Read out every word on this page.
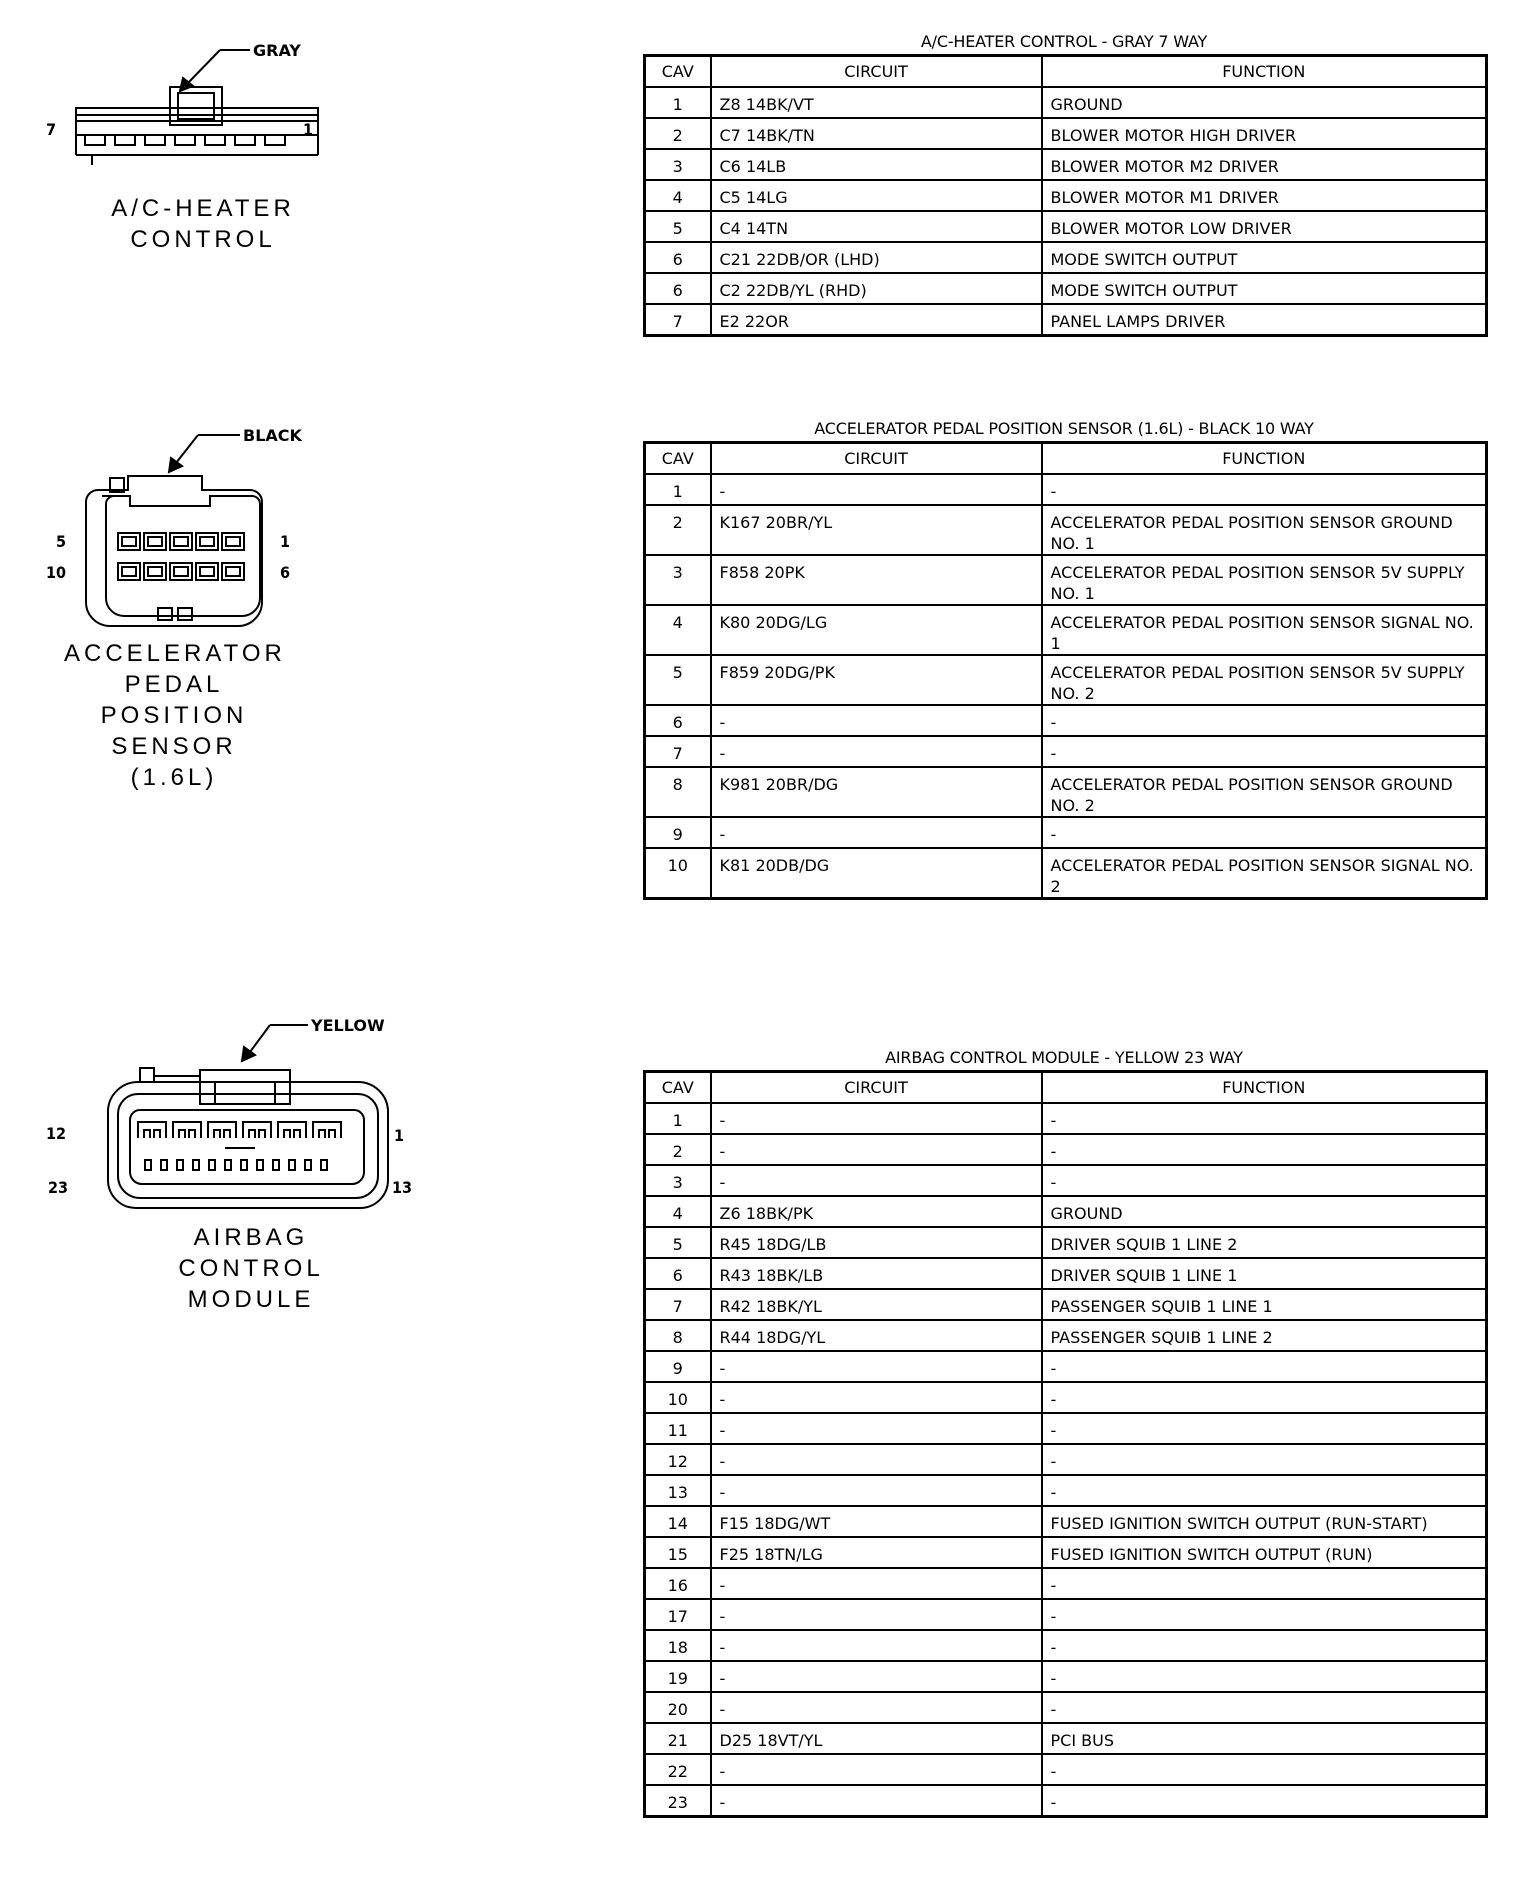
GRAY
7	1
A/C-HEATER
CONTROL
A/C-HEATER CONTROL - GRAY 7 WAY
CAV	CIRCUIT	FUNCTION
1	Z8 14BK/VT	GROUND
2	C7 14BK/TN	BLOWER MOTOR HIGH DRIVER
3	C6 14LB	BLOWER MOTOR M2 DRIVER
4	C5 14LG	BLOWER MOTOR M1 DRIVER
5	C4 14TN	BLOWER MOTOR LOW DRIVER
6	C21 22DB/OR (LHD)	MODE SWITCH OUTPUT
6	C2 22DB/YL (RHD)	MODE SWITCH OUTPUT
7	E2 22OR	PANEL LAMPS DRIVER
BLACK
5	1
10	6
ACCELERATOR
PEDAL
POSITION
SENSOR
(1.6L)
ACCELERATOR PEDAL POSITION SENSOR (1.6L) - BLACK 10 WAY
CAV	CIRCUIT	FUNCTION
1	-	-
2	K167 20BR/YL	ACCELERATOR PEDAL POSITION SENSOR GROUND NO. 1
3	F858 20PK	ACCELERATOR PEDAL POSITION SENSOR 5V SUPPLY NO. 1
4	K80 20DG/LG	ACCELERATOR PEDAL POSITION SENSOR SIGNAL NO. 1
5	F859 20DG/PK	ACCELERATOR PEDAL POSITION SENSOR 5V SUPPLY NO. 2
6	-	-
7	-	-
8	K981 20BR/DG	ACCELERATOR PEDAL POSITION SENSOR GROUND NO. 2
9	-	-
10	K81 20DB/DG	ACCELERATOR PEDAL POSITION SENSOR SIGNAL NO. 2
YELLOW
12	1
23	13
AIRBAG
CONTROL
MODULE
AIRBAG CONTROL MODULE - YELLOW 23 WAY
CAV	CIRCUIT	FUNCTION
1	-	-
2	-	-
3	-	-
4	Z6 18BK/PK	GROUND
5	R45 18DG/LB	DRIVER SQUIB 1 LINE 2
6	R43 18BK/LB	DRIVER SQUIB 1 LINE 1
7	R42 18BK/YL	PASSENGER SQUIB 1 LINE 1
8	R44 18DG/YL	PASSENGER SQUIB 1 LINE 2
9	-	-
10	-	-
11	-	-
12	-	-
13	-	-
14	F15 18DG/WT	FUSED IGNITION SWITCH OUTPUT (RUN-START)
15	F25 18TN/LG	FUSED IGNITION SWITCH OUTPUT (RUN)
16	-	-
17	-	-
18	-	-
19	-	-
20	-	-
21	D25 18VT/YL	PCI BUS
22	-	-
23	-	-
